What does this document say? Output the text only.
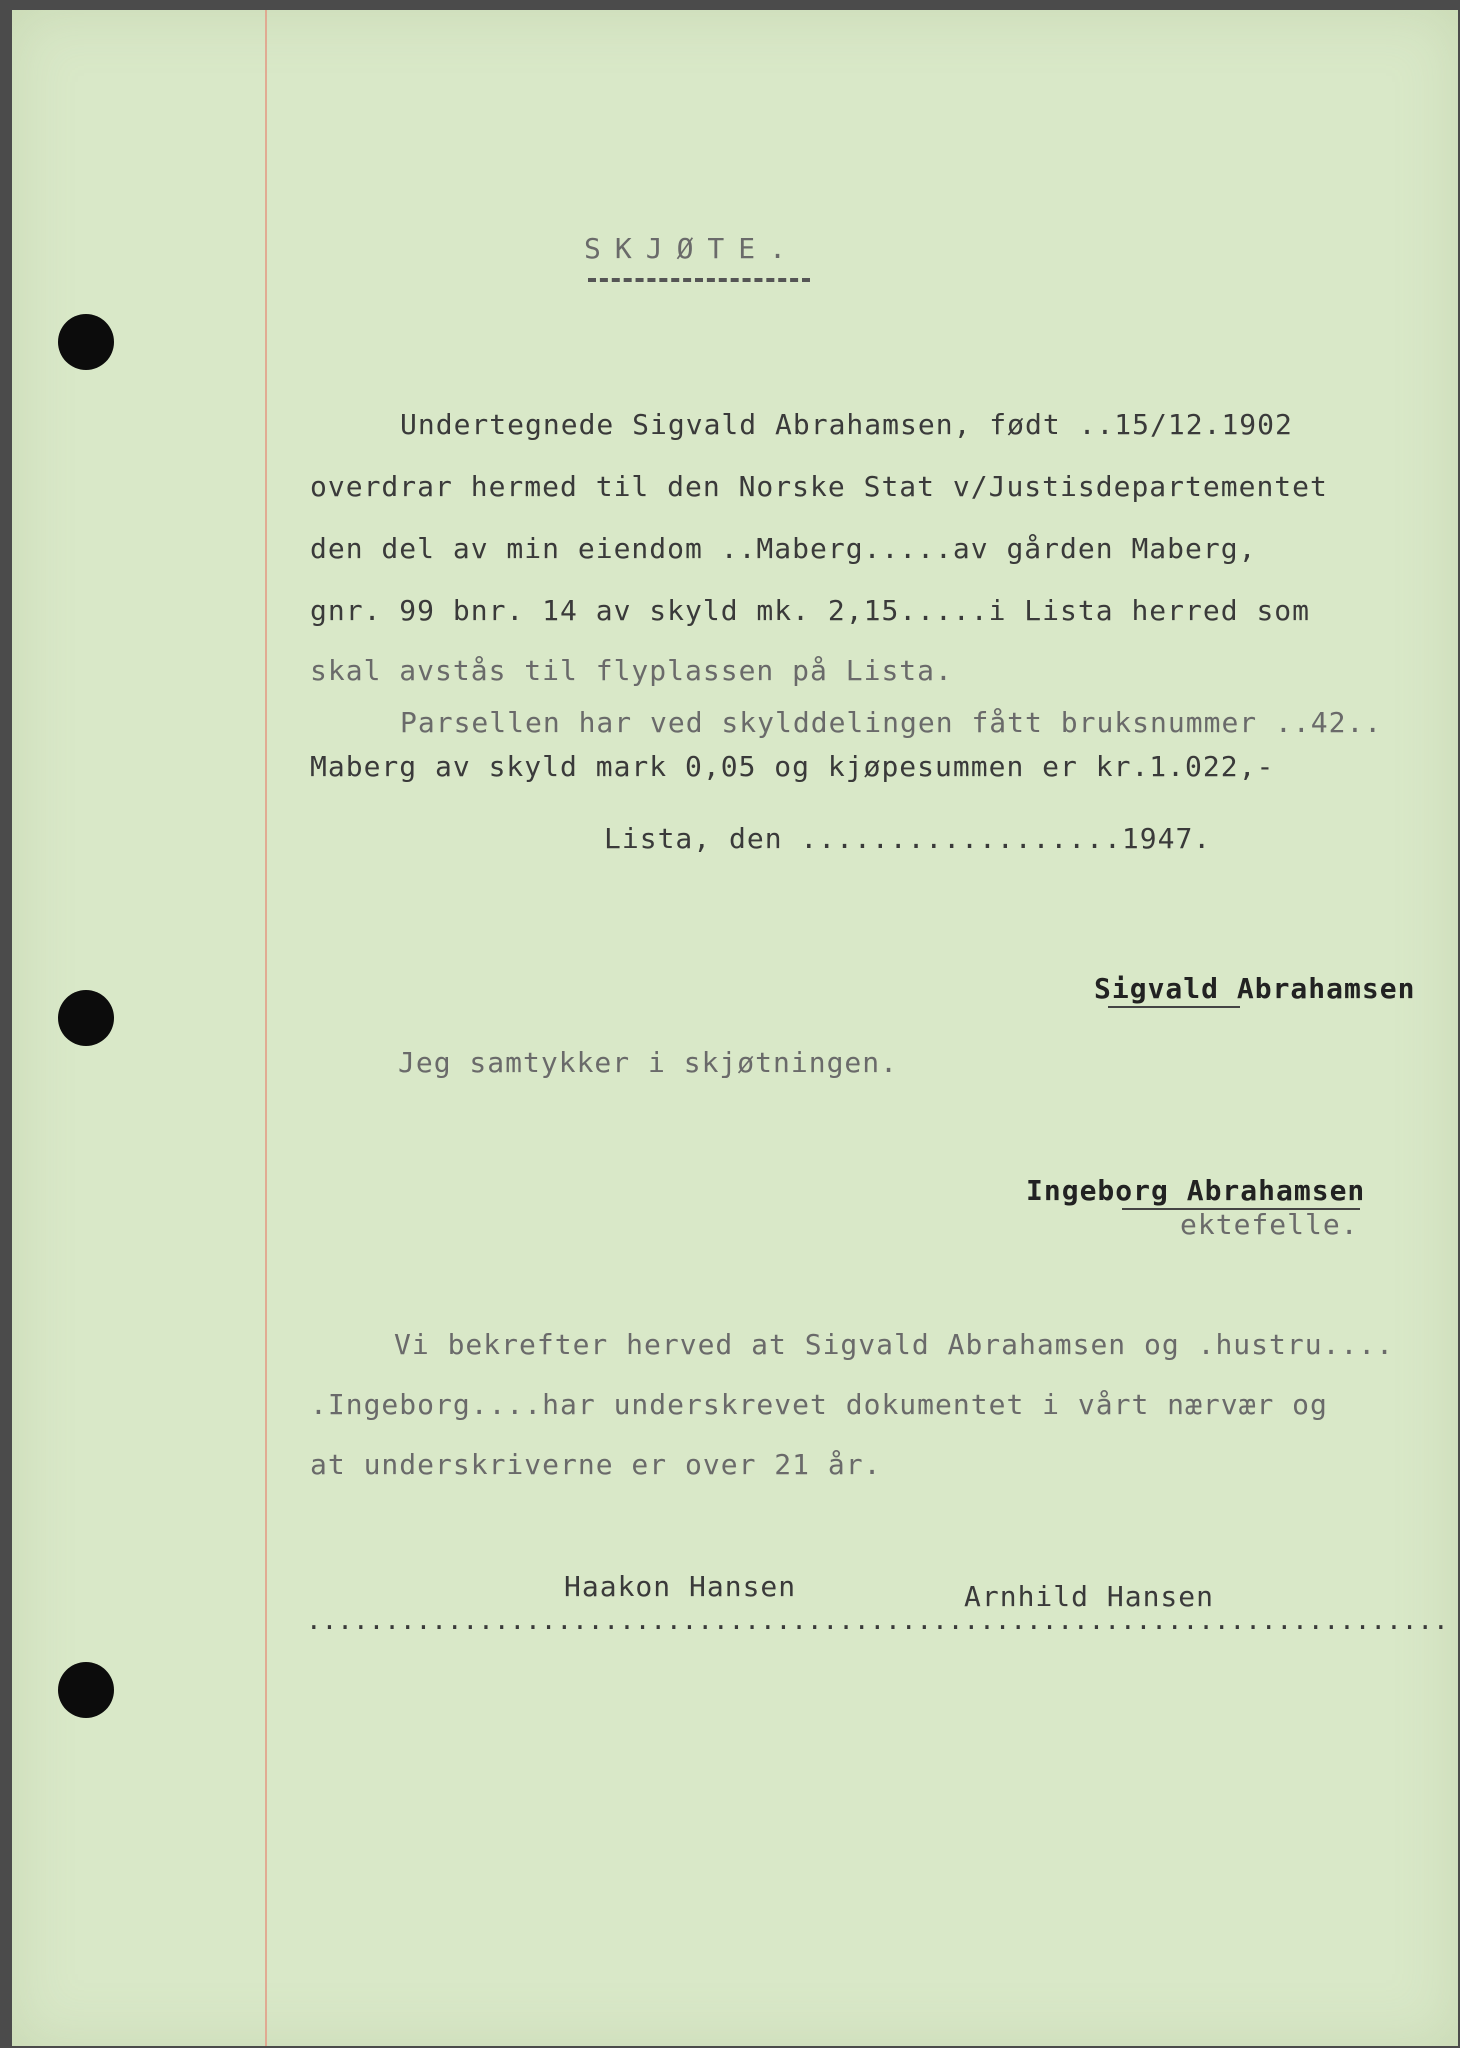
SKJØTE.
Undertegnede Sigvald Abrahamsen, født ..15/12.1902
overdrar hermed til den Norske Stat v/Justisdepartementet
den del av min eiendom ..Maberg.....av gården Maberg,
gnr. 99 bnr. 14 av skyld mk. 2,15.....i Lista herred som
skal avstås til flyplassen på Lista.
Parsellen har ved skylddelingen fått bruksnummer ..42..
Maberg av skyld mark 0,05 og kjøpesummen er kr.1.022,-
Lista, den ..................1947.
Sigvald Abrahamsen
Jeg samtykker i skjøtningen.
Ingeborg Abrahamsen
ektefelle.
Vi bekrefter herved at Sigvald Abrahamsen og .hustru....
.Ingeborg....har underskrevet dokumentet i vårt nærvær og
at underskriverne er over 21 år.
Haakon Hansen	Arnhild Hansen
.........................................................................
